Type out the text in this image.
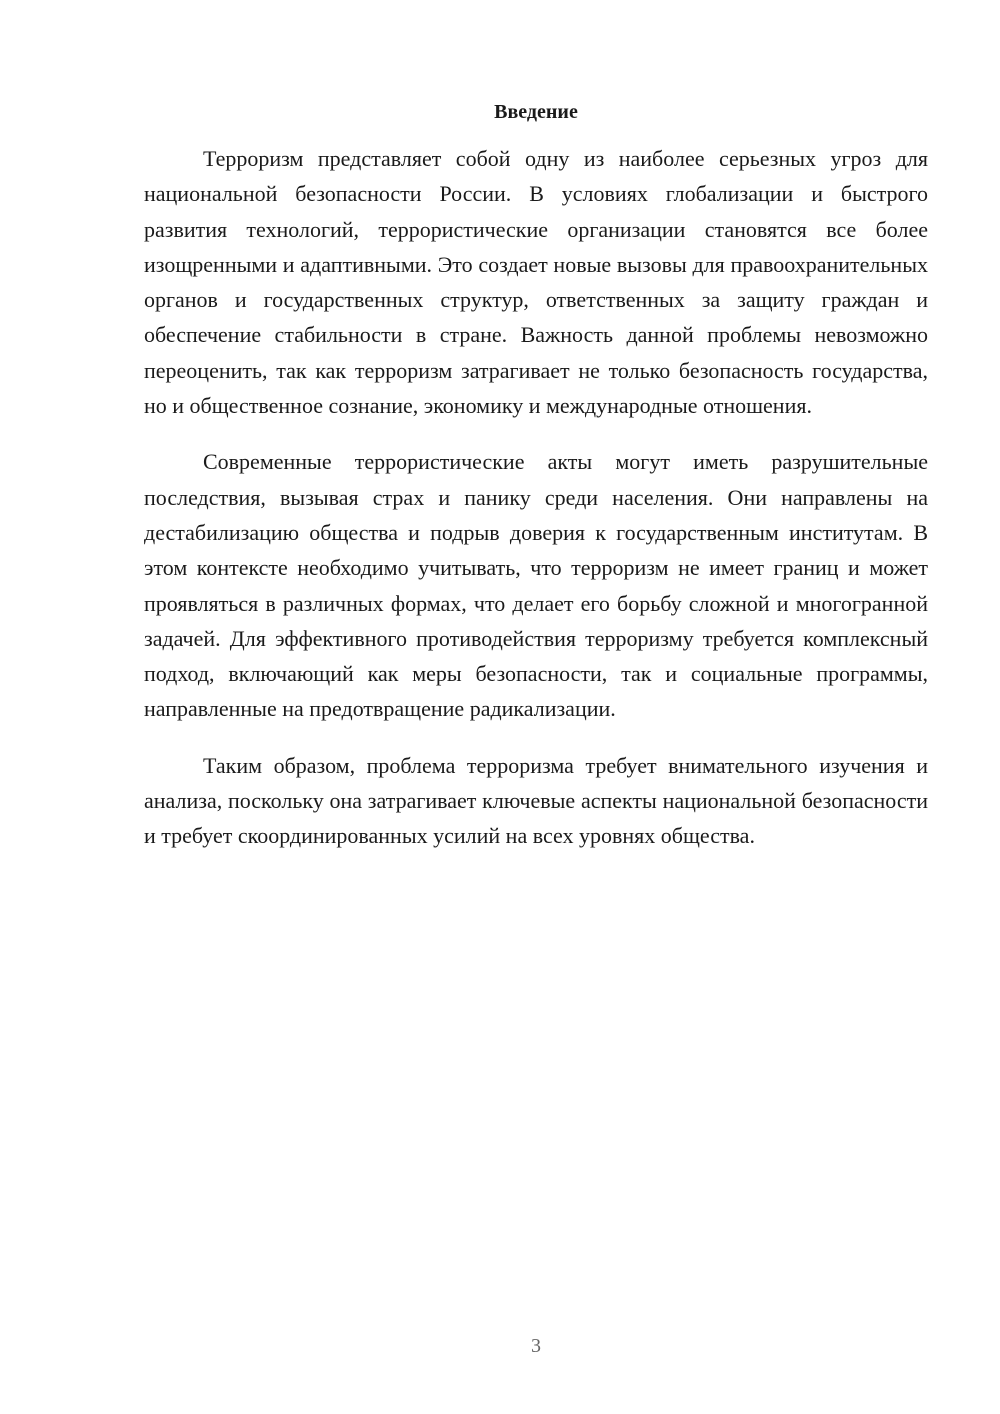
Введение

Терроризм представляет собой одну из наиболее серьезных угроз для национальной безопасности России. В условиях глобализации и быстрого развития технологий, террористические организации становятся все более изощренными и адаптивными. Это создает новые вызовы для правоохранительных органов и государственных структур, ответственных за защиту граждан и обеспечение стабильности в стране. Важность данной проблемы невозможно переоценить, так как терроризм затрагивает не только безопасность государства, но и общественное сознание, экономику и международные отношения.

Современные террористические акты могут иметь разрушительные последствия, вызывая страх и панику среди населения. Они направлены на дестабилизацию общества и подрыв доверия к государственным институтам. В этом контексте необходимо учитывать, что терроризм не имеет границ и может проявляться в различных формах, что делает его борьбу сложной и многогранной задачей. Для эффективного противодействия терроризму требуется комплексный подход, включающий как меры безопасности, так и социальные программы, направленные на предотвращение радикализации.

Таким образом, проблема терроризма требует внимательного изучения и анализа, поскольку она затрагивает ключевые аспекты национальной безопасности и требует скоординированных усилий на всех уровнях общества.

3
